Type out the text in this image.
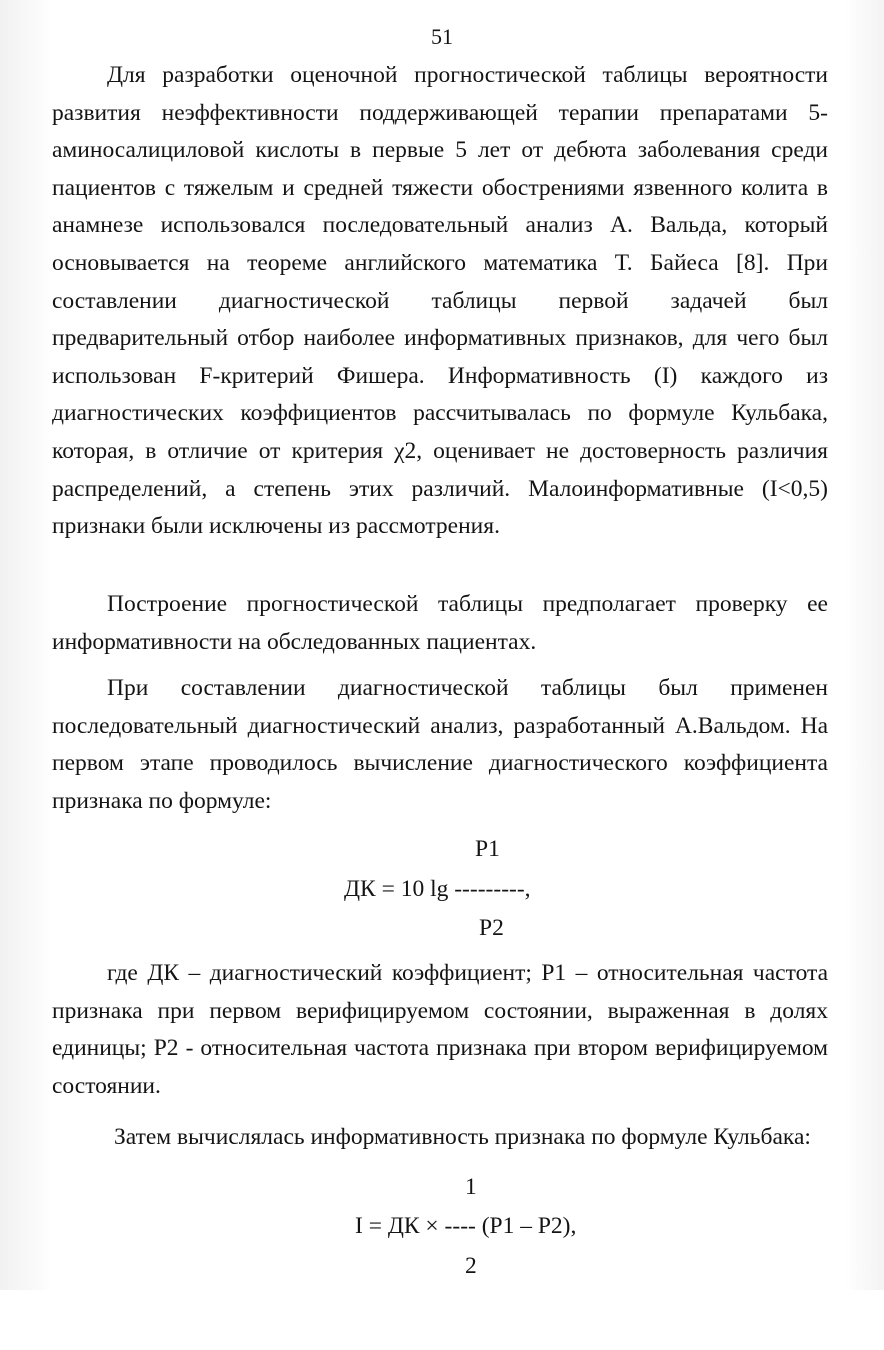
51
Для разработки оценочной прогностической таблицы вероятности развития неэффективности поддерживающей терапии препаратами 5-аминосалициловой кислоты в первые 5 лет от дебюта заболевания среди пациентов с тяжелым и средней тяжести обострениями язвенного колита в анамнезе использовался последовательный анализ А. Вальда, который основывается на теореме английского математика Т. Байеса [8]. При составлении диагностической таблицы первой задачей был предварительный отбор наиболее информативных признаков, для чего был использован F-критерий Фишера. Информативность (I) каждого из диагностических коэффициентов рассчитывалась по формуле Кульбака, которая, в отличие от критерия χ2, оценивает не достоверность различия распределений, а степень этих различий. Малоинформативные (I<0,5) признаки были исключены из рассмотрения.
Построение прогностической таблицы предполагает проверку ее информативности на обследованных пациентах.
При составлении диагностической таблицы был применен последовательный диагностический анализ, разработанный А.Вальдом. На первом этапе проводилось вычисление диагностического коэффициента признака по формуле:
P1
ДК = 10 lg ---------,
P2
где ДК – диагностический коэффициент; P1 – относительная частота признака при первом верифицируемом состоянии, выраженная в долях единицы; P2 - относительная частота признака при втором верифицируемом состоянии.
Затем вычислялась информативность признака по формуле Кульбака:
1
I = ДК × ---- (P1 – P2),
2
